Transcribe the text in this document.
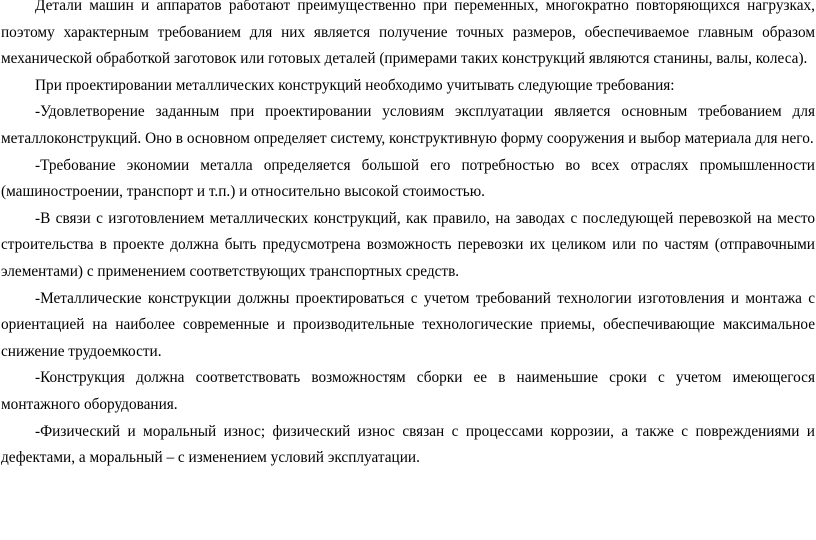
Детали машин и аппаратов работают преимущественно при переменных, многократно повторяющихся нагрузках, поэтому характерным требованием для них является получение точных размеров, обеспечиваемое главным образом механической обработкой заготовок или готовых деталей (примерами таких конструкций являются станины, валы, колеса).

При проектировании металлических конструкций необходимо учитывать следующие требования:

-Удовлетворение заданным при проектировании условиям эксплуатации является основным требованием для металлоконструкций. Оно в основном определяет систему, конструктивную форму сооружения и выбор материала для него.

-Требование экономии металла определяется большой его потребностью во всех отраслях промышленности (машиностроении, транспорт и т.п.) и относительно высокой стоимостью.

-В связи с изготовлением металлических конструкций, как правило, на заводах с последующей перевозкой на место строительства в проекте должна быть предусмотрена возможность перевозки их целиком или по частям (отправочными элементами) с применением соответствующих транспортных средств.

-Металлические конструкции должны проектироваться с учетом требований технологии изготовления и монтажа с ориентацией на наиболее современные и производительные технологические приемы, обеспечивающие максимальное снижение трудоемкости.

-Конструкция должна соответствовать возможностям сборки ее в наименьшие сроки с учетом имеющегося монтажного оборудования.

-Физический и моральный износ; физический износ связан с процессами коррозии, а также с повреждениями и дефектами, а моральный – с изменением условий эксплуатации.
